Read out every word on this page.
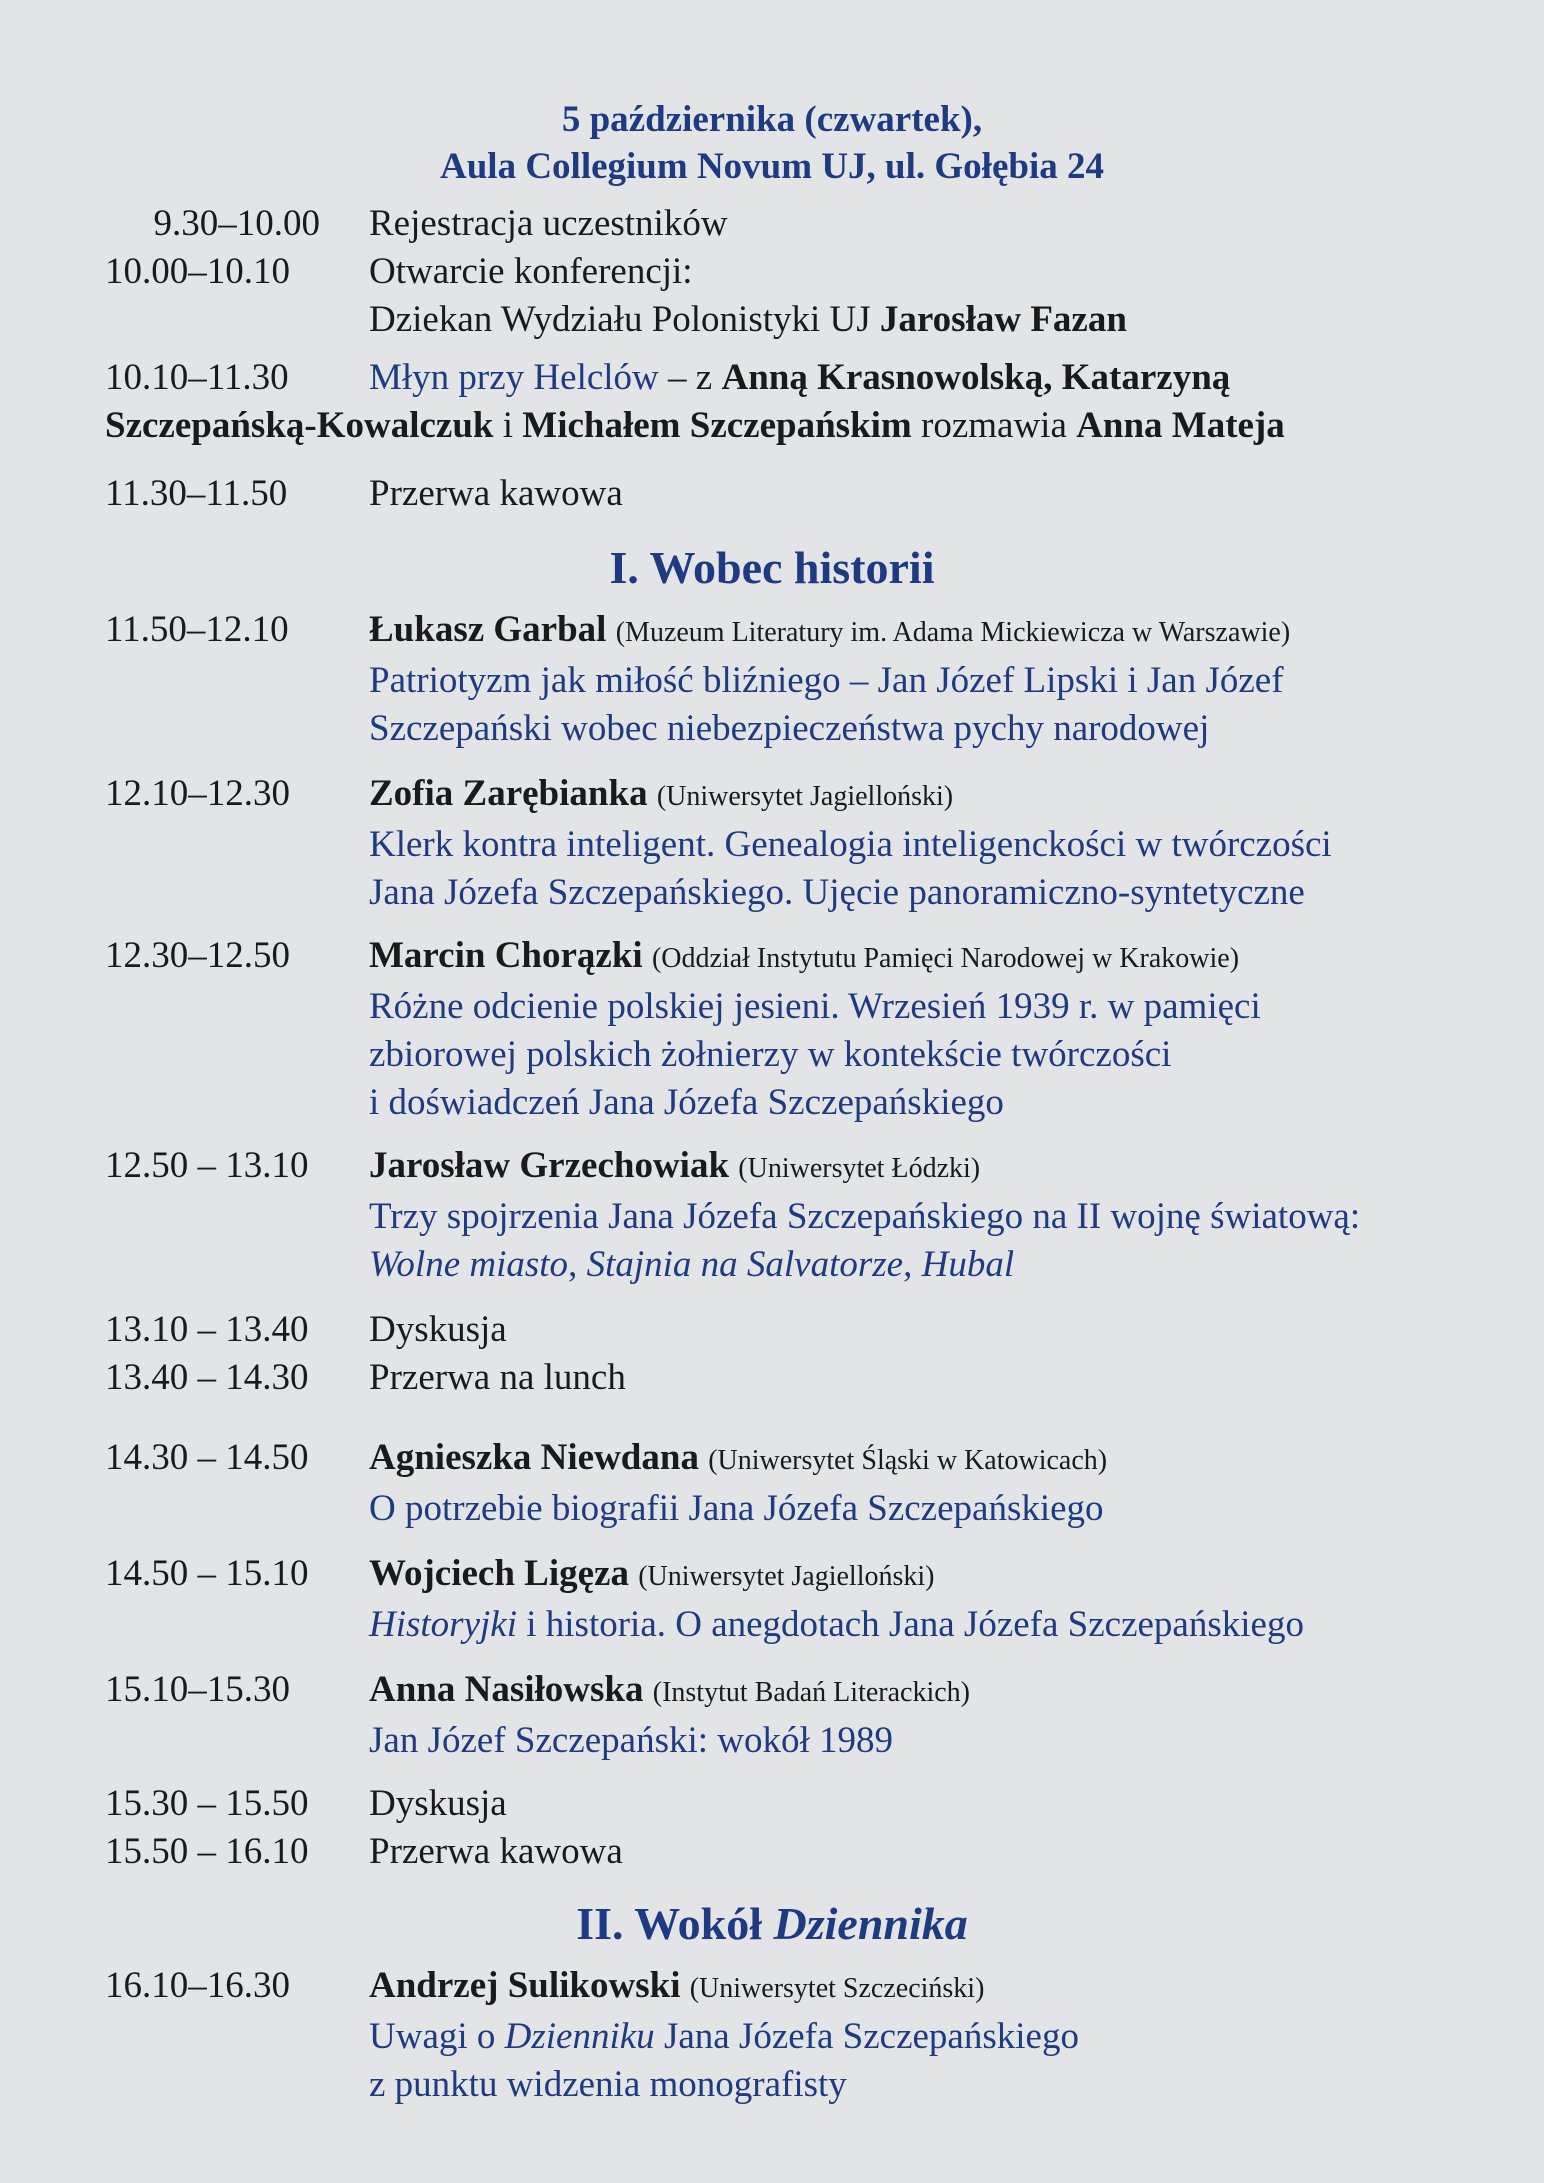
5 października (czwartek),
Aula Collegium Novum UJ, ul. Gołębia 24
9.30–10.00 Rejestracja uczestników
10.00–10.10 Otwarcie konferencji:
Dziekan Wydziału Polonistyki UJ Jarosław Fazan
10.10–11.30 Młyn przy Helclów – z Anną Krasnowolską, Katarzyną
Szczepańską-Kowalczuk i Michałem Szczepańskim rozmawia Anna Mateja
11.30–11.50 Przerwa kawowa
I. Wobec historii
11.50–12.10 Łukasz Garbal (Muzeum Literatury im. Adama Mickiewicza w Warszawie)
Patriotyzm jak miłość bliźniego – Jan Józef Lipski i Jan Józef
Szczepański wobec niebezpieczeństwa pychy narodowej
12.10–12.30 Zofia Zarębianka (Uniwersytet Jagielloński)
Klerk kontra inteligent. Genealogia inteligenckości w twórczości
Jana Józefa Szczepańskiego. Ujęcie panoramiczno-syntetyczne
12.30–12.50 Marcin Chorązki (Oddział Instytutu Pamięci Narodowej w Krakowie)
Różne odcienie polskiej jesieni. Wrzesień 1939 r. w pamięci
zbiorowej polskich żołnierzy w kontekście twórczości
i doświadczeń Jana Józefa Szczepańskiego
12.50 – 13.10 Jarosław Grzechowiak (Uniwersytet Łódzki)
Trzy spojrzenia Jana Józefa Szczepańskiego na II wojnę światową:
Wolne miasto, Stajnia na Salvatorze, Hubal
13.10 – 13.40 Dyskusja
13.40 – 14.30 Przerwa na lunch
14.30 – 14.50 Agnieszka Niewdana (Uniwersytet Śląski w Katowicach)
O potrzebie biografii Jana Józefa Szczepańskiego
14.50 – 15.10 Wojciech Ligęza (Uniwersytet Jagielloński)
Historyjki i historia. O anegdotach Jana Józefa Szczepańskiego
15.10–15.30 Anna Nasiłowska (Instytut Badań Literackich)
Jan Józef Szczepański: wokół 1989
15.30 – 15.50 Dyskusja
15.50 – 16.10 Przerwa kawowa
II. Wokół Dziennika
16.10–16.30 Andrzej Sulikowski (Uniwersytet Szczeciński)
Uwagi o Dzienniku Jana Józefa Szczepańskiego
z punktu widzenia monografisty
